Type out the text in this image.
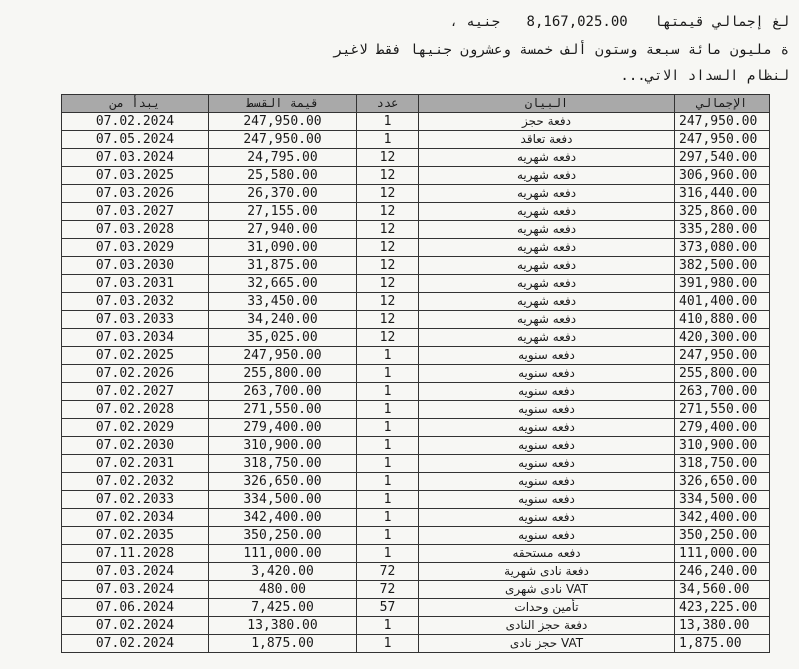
لغ إجمالي قيمتها 8,167,025.00 جنيه ،
ة مليون مائة سبعة وستون ألف خمسة وعشرون جنيها فقط لاغير
لنظام السداد الاتي...
يبدأ من	قيمة القسط	عدد	البيان	الإجمالي
07.02.2024	247,950.00	1	دفعة حجز	247,950.00
07.05.2024	247,950.00	1	دفعة تعاقد	247,950.00
07.03.2024	24,795.00	12	دفعه شهريه	297,540.00
07.03.2025	25,580.00	12	دفعه شهريه	306,960.00
07.03.2026	26,370.00	12	دفعه شهريه	316,440.00
07.03.2027	27,155.00	12	دفعه شهريه	325,860.00
07.03.2028	27,940.00	12	دفعه شهريه	335,280.00
07.03.2029	31,090.00	12	دفعه شهريه	373,080.00
07.03.2030	31,875.00	12	دفعه شهريه	382,500.00
07.03.2031	32,665.00	12	دفعه شهريه	391,980.00
07.03.2032	33,450.00	12	دفعه شهريه	401,400.00
07.03.2033	34,240.00	12	دفعه شهريه	410,880.00
07.03.2034	35,025.00	12	دفعه شهريه	420,300.00
07.02.2025	247,950.00	1	دفعه سنويه	247,950.00
07.02.2026	255,800.00	1	دفعه سنويه	255,800.00
07.02.2027	263,700.00	1	دفعه سنويه	263,700.00
07.02.2028	271,550.00	1	دفعه سنويه	271,550.00
07.02.2029	279,400.00	1	دفعه سنويه	279,400.00
07.02.2030	310,900.00	1	دفعه سنويه	310,900.00
07.02.2031	318,750.00	1	دفعه سنويه	318,750.00
07.02.2032	326,650.00	1	دفعه سنويه	326,650.00
07.02.2033	334,500.00	1	دفعه سنويه	334,500.00
07.02.2034	342,400.00	1	دفعه سنويه	342,400.00
07.02.2035	350,250.00	1	دفعه سنويه	350,250.00
07.11.2028	111,000.00	1	دفعه مستحقه	111,000.00
07.03.2024	3,420.00	72	دفعة نادى شهرية	246,240.00
07.03.2024	480.00	72	VAT نادى شهرى	34,560.00
07.06.2024	7,425.00	57	تأمين وحدات	423,225.00
07.02.2024	13,380.00	1	دفعة حجز النادى	13,380.00
07.02.2024	1,875.00	1	VAT حجز نادى	1,875.00
